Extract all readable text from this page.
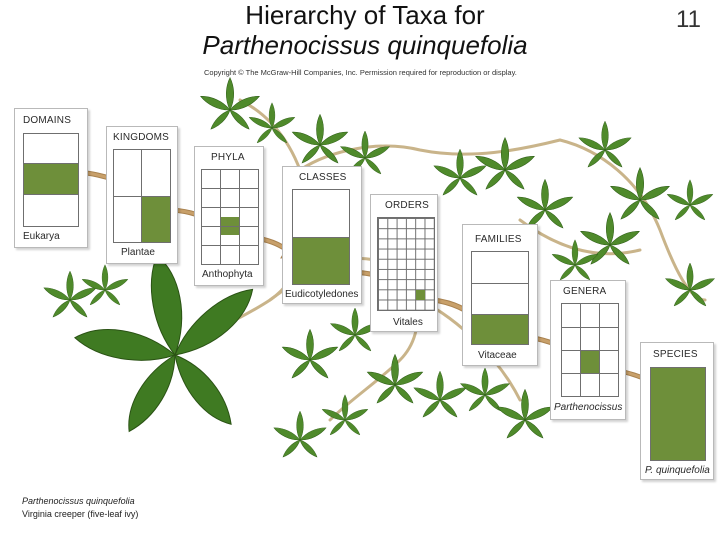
Hierarchy of Taxa for
Parthenocissus quinquefolia
11
Copyright © The McGraw-Hill Companies, Inc. Permission required for reproduction or display.
DOMAINS
Eukarya
KINGDOMS
Plantae
PHYLA
Anthophyta
CLASSES
Eudicotyledones
ORDERS
Vitales
FAMILIES
Vitaceae
GENERA
Parthenocissus
SPECIES
P. quinquefolia
Parthenocissus quinquefolia
Virginia creeper (five-leaf ivy)
